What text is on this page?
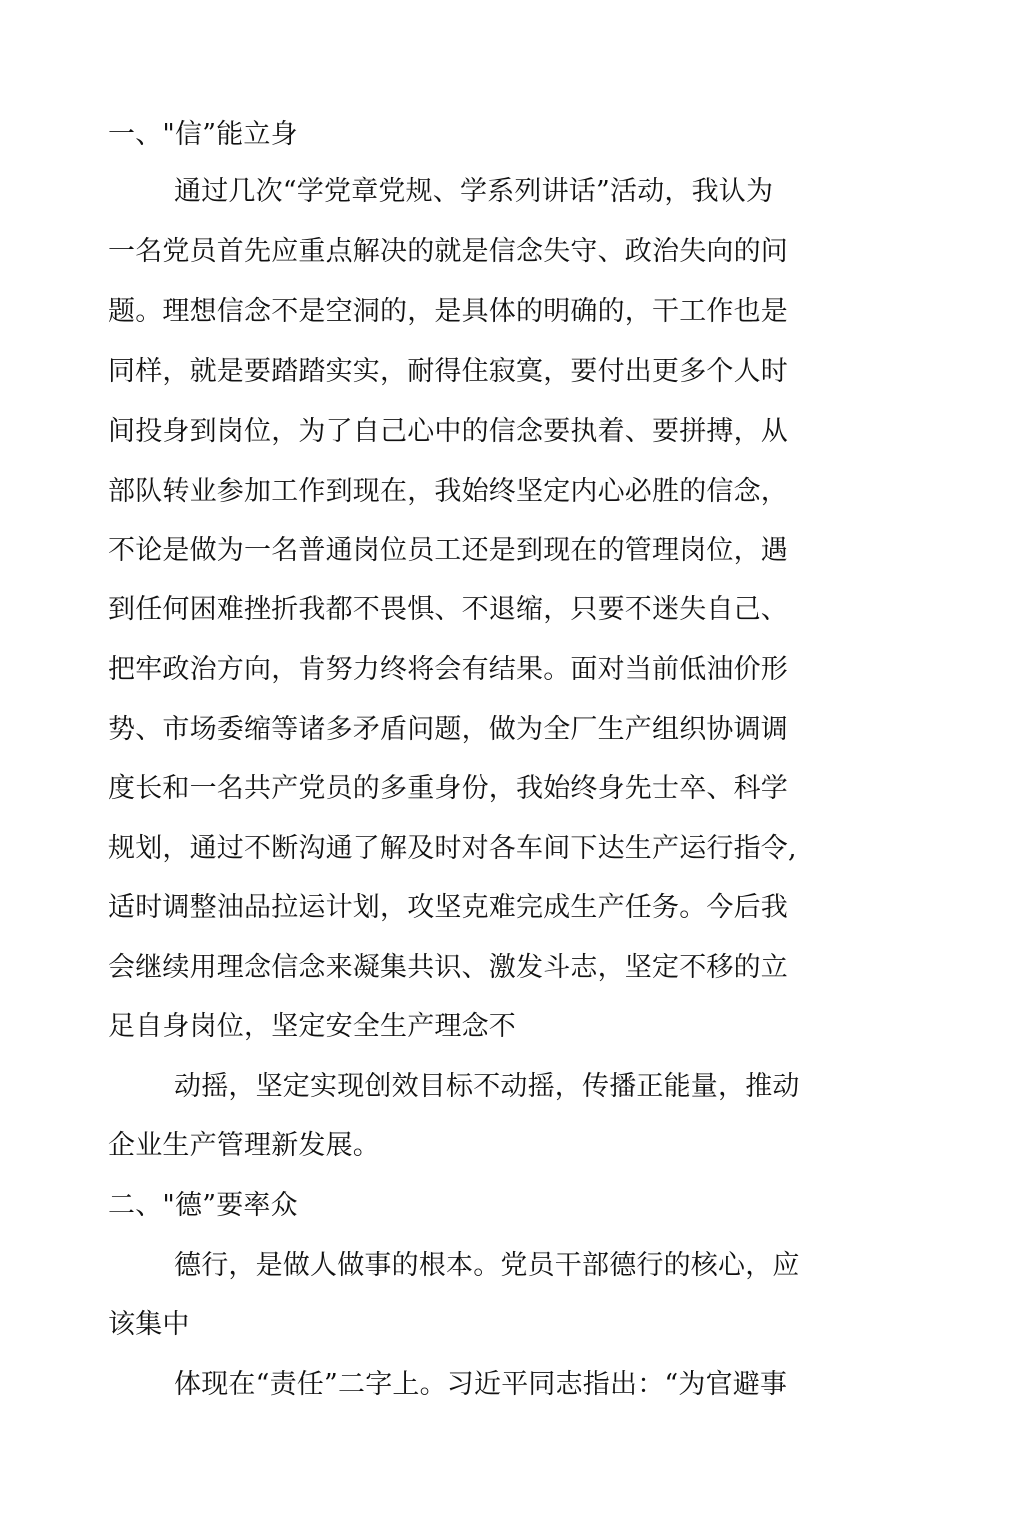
一、"信”能立身
通过几次“学党章党规、学系列讲话”活动，我认为
一名党员首先应重点解决的就是信念失守、政治失向的问
题。理想信念不是空洞的，是具体的明确的，干工作也是
同样，就是要踏踏实实，耐得住寂寞，要付出更多个人时
间投身到岗位，为了自己心中的信念要执着、要拼搏，从
部队转业参加工作到现在，我始终坚定内心必胜的信念，
不论是做为一名普通岗位员工还是到现在的管理岗位，遇
到任何困难挫折我都不畏惧、不退缩，只要不迷失自己、
把牢政治方向，肯努力终将会有结果。面对当前低油价形
势、市场委缩等诸多矛盾问题，做为全厂生产组织协调调
度长和一名共产党员的多重身份，我始终身先士卒、科学
规划，通过不断沟通了解及时对各车间下达生产运行指令,
适时调整油品拉运计划，攻坚克难完成生产任务。今后我
会继续用理念信念来凝集共识、激发斗志，坚定不移的立
足自身岗位，坚定安全生产理念不
动摇，坚定实现创效目标不动摇，传播正能量，推动
企业生产管理新发展。
二、"德”要率众
德行，是做人做事的根本。党员干部德行的核心，应
该集中
体现在“责任”二字上。习近平同志指出：“为官避事
